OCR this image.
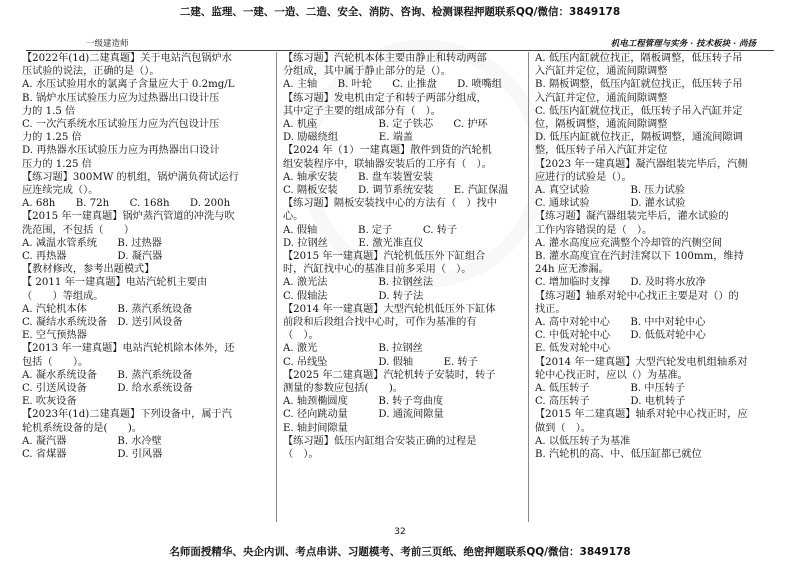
二建、监理、一建、一造、二造、安全、消防、咨询、检测课程押题联系QQ/微信：3849178
一级建造师	机电工程管理与实务 · 技术板块 · 尚扬

【2022年(1d)二建真题】关于电站汽包锅炉水

压试验的说法，正确的是（）。

A. 水压试验用水的氯离子含量应大于 0.2mg/L

B. 锅炉水压试验压力应为过热器出口设计压

力的 1.5 倍

C. 一次汽系统水压试验压力应为汽包设计压

力的 1.25 倍

D. 再热器水压试验压力应为再热器出口设计

压力的 1.25 倍

【练习题】300MW 的机组，锅炉满负荷试运行

应连续完成（）。

A. 68h　　B. 72h　　C. 168h　　D. 200h

【2015 年一建真题】锅炉蒸汽管道的冲洗与吹

洗范围，不包括（　　）

A. 减温水管系统　　B. 过热器

C. 再热器　　　　　D. 凝汽器

【教材修改，参考出题模式】

【 2011 年一建真题】电站汽轮机主要由

（　　）等组成。

A. 汽轮机本体　　　B. 蒸汽系统设备

C. 凝结水系统设备　D. 送引风设备

E. 空气预热器

【2013 年一建真题】电站汽轮机除本体外，还

包括（　　）。

A. 凝水系统设备　　B. 蒸汽系统设备

C. 引送风设备　　　D. 给水系统设备

E. 吹灰设备

【2023年(1d)二建真题】下列设备中，属于汽

轮机系统设备的是(　　)。

A. 凝汽器　　　　　B. 水冷壁

C. 省煤器　　　　　D. 引风器

【练习题】汽轮机本体主要由静止和转动两部

分组成，其中属于静止部分的是（）。

A. 主轴　　B. 叶轮　　C. 止推盘　　D. 喷嘴组

【练习题】发电机由定子和转子两部分组成，

其中定子主要的组成部分有（　）。

A. 机座　　　　　　B. 定子铁芯　　C. 护环

D. 励磁绕组　　　　E. 端盖

【2024 年（1）一建真题】散件到货的汽轮机

组安装程序中，联轴器安装后的工序有（　）。

A. 轴承安装　　B. 盘车装置安装

C. 隔板安装　　D. 调节系统安装　　E. 汽缸保温

【练习题】隔板安装找中心的方法有（　）找中

心。

A. 假轴　　　　B. 定子　　　C. 转子

D. 拉钢丝　　　E. 激光准直仪

【2015 年一建真题】汽轮机低压外下缸组合

时，汽缸找中心的基准目前多采用（　）。

A. 激光法　　　　　B. 拉钢丝法

C. 假轴法　　　　　D. 转子法

【2014 年一建真题】大型汽轮机低压外下缸体

前段和后段组合找中心时，可作为基准的有

（　）。

A. 激光　　　　　　B. 拉钢丝

C. 吊线坠　　　　　D. 假轴　　　E. 转子

【2025 年二建真题】汽轮机转子安装时，转子

测量的参数应包括(　　)。

A. 轴颈椭圆度　　　B. 转子弯曲度

C. 径向跳动量　　　D. 通流间隙量

E. 轴封间隙量

【练习题】低压内缸组合安装正确的过程是

（　）。

A. 低压内缸就位找正，隔板调整，低压转子吊

入汽缸并定位，通流间隙调整

B. 隔板调整，低压内缸就位找正，低压转子吊

入汽缸并定位，通流间隙调整

C. 低压内缸就位找正，低压转子吊入汽缸并定

位，隔板调整，通流间隙调整

D. 低压内缸就位找正，隔板调整，通流间隙调

整，低压转子吊入汽缸并定位

【2023 年一建真题】凝汽器组装完毕后，汽侧

应进行的试验是（）。

A. 真空试验　　　　B. 压力试验

C. 通球试验　　　　D. 灌水试验

【练习题】凝汽器组装完毕后，灌水试验的

工作内容错误的是（　）。

A. 灌水高度应充满整个冷却管的汽侧空间

B. 灌水高度宜在汽封洼窝以下 100mm，维持

24h 应无渗漏。

C. 增加临时支撑　　D. 及时将水放净

【练习题】轴系对轮中心找正主要是对（）的

找正。

A. 高中对轮中心　　B. 中中对轮中心

C. 中低对轮中心　　D. 低低对轮中心

E. 低发对轮中心

【2014 年一建真题】大型汽轮发电机组轴系对

轮中心找正时，应以（）为基准。

A. 低压转子　　　　B. 中压转子

C. 高压转子　　　　D. 电机转子

【2015 年二建真题】轴系对轮中心找正时，应

做到（　）。

A. 以低压转子为基准

B. 汽轮机的高、中、低压缸都已就位

32
名师面授精华、央企内训、考点串讲、习题模考、考前三页纸、绝密押题联系QQ/微信：3849178
